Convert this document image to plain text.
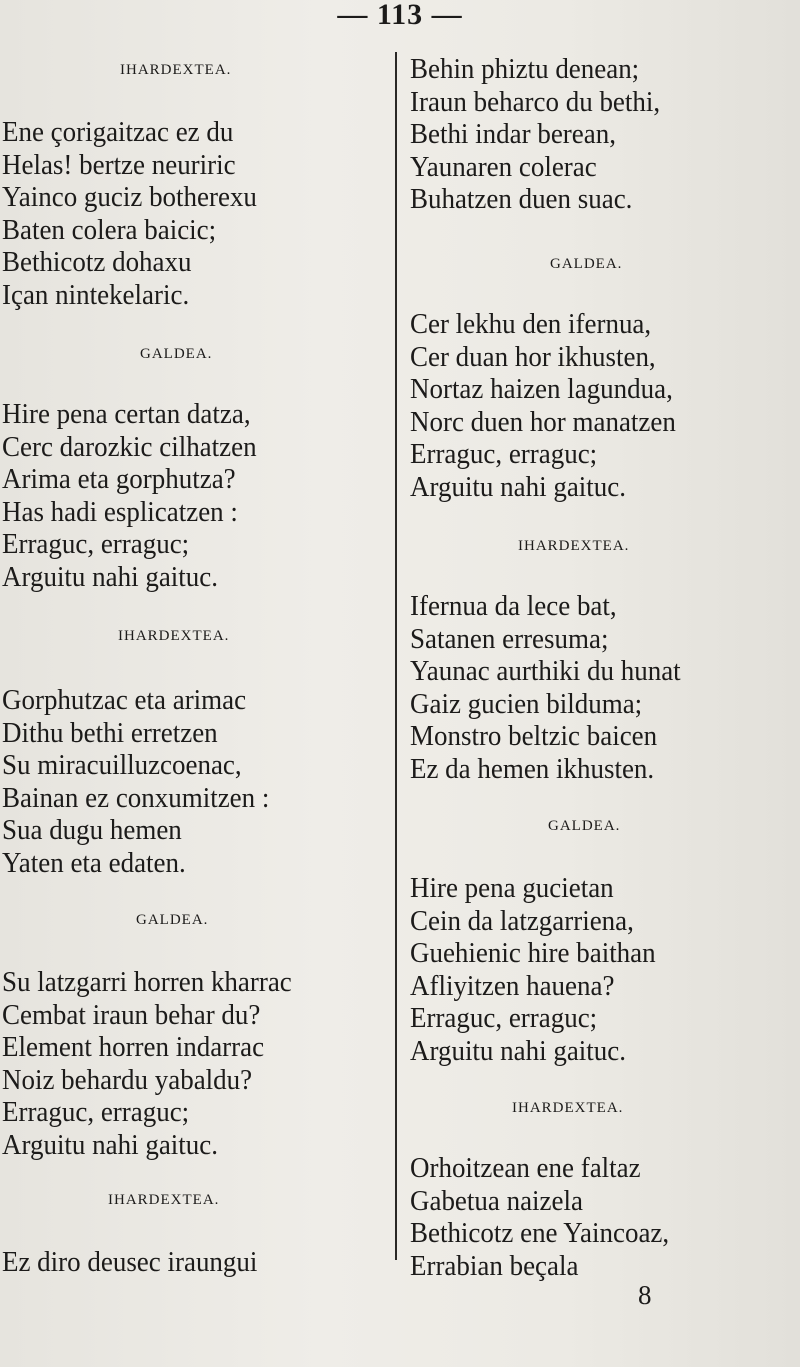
— 113 —
IHARDEXTEA.
Ene çorigaitzac ez du
Helas! bertze neuriric
Yainco guciz botherexu
Baten colera baicic;
Bethicotz dohaxu
Içan nintekelaric.
GALDEA.
Hire pena certan datza,
Cerc darozkic cilhatzen
Arima eta gorphutza?
Has hadi esplicatzen :
Erraguc, erraguc;
Arguitu nahi gaituc.
IHARDEXTEA.
Gorphutzac eta arimac
Dithu bethi erretzen
Su miracuilluzcoenac,
Bainan ez conxumitzen :
Sua dugu hemen
Yaten eta edaten.
GALDEA.
Su latzgarri horren kharrac
Cembat iraun behar du?
Element horren indarrac
Noiz behardu yabaldu?
Erraguc, erraguc;
Arguitu nahi gaituc.
IHARDEXTEA.
Ez diro deusec iraungui
Behin phiztu denean;
Iraun beharco du bethi,
Bethi indar berean,
Yaunaren colerac
Buhatzen duen suac.
GALDEA.
Cer lekhu den ifernua,
Cer duan hor ikhusten,
Nortaz haizen lagundua,
Norc duen hor manatzen
Erraguc, erraguc;
Arguitu nahi gaituc.
IHARDEXTEA.
Ifernua da lece bat,
Satanen erresuma;
Yaunac aurthiki du hunat
Gaiz gucien bilduma;
Monstro beltzic baicen
Ez da hemen ikhusten.
GALDEA.
Hire pena gucietan
Cein da latzgarriena,
Guehienic hire baithan
Afliyitzen hauena?
Erraguc, erraguc;
Arguitu nahi gaituc.
IHARDEXTEA.
Orhoitzean ene faltaz
Gabetua naizela
Bethicotz ene Yaincoaz,
Errabian beçala
8
